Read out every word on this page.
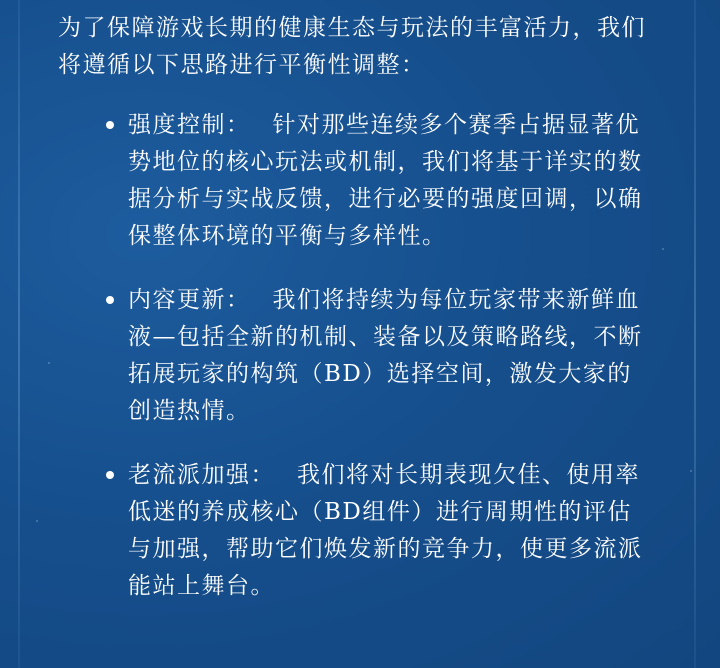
为了保障游戏长期的健康生态与玩法的丰富活力，我们将遵循以下思路进行平衡性调整：

强度控制： 针对那些连续多个赛季占据显著优势地位的核心玩法或机制，我们将基于详实的数据分析与实战反馈，进行必要的强度回调，以确保整体环境的平衡与多样性。
内容更新： 我们将持续为每位玩家带来新鲜血液—包括全新的机制、装备以及策略路线，不断拓展玩家的构筑（BD）选择空间，激发大家的创造热情。
老流派加强： 我们将对长期表现欠佳、使用率低迷的养成核心（BD组件）进行周期性的评估与加强，帮助它们焕发新的竞争力，使更多流派能站上舞台。
